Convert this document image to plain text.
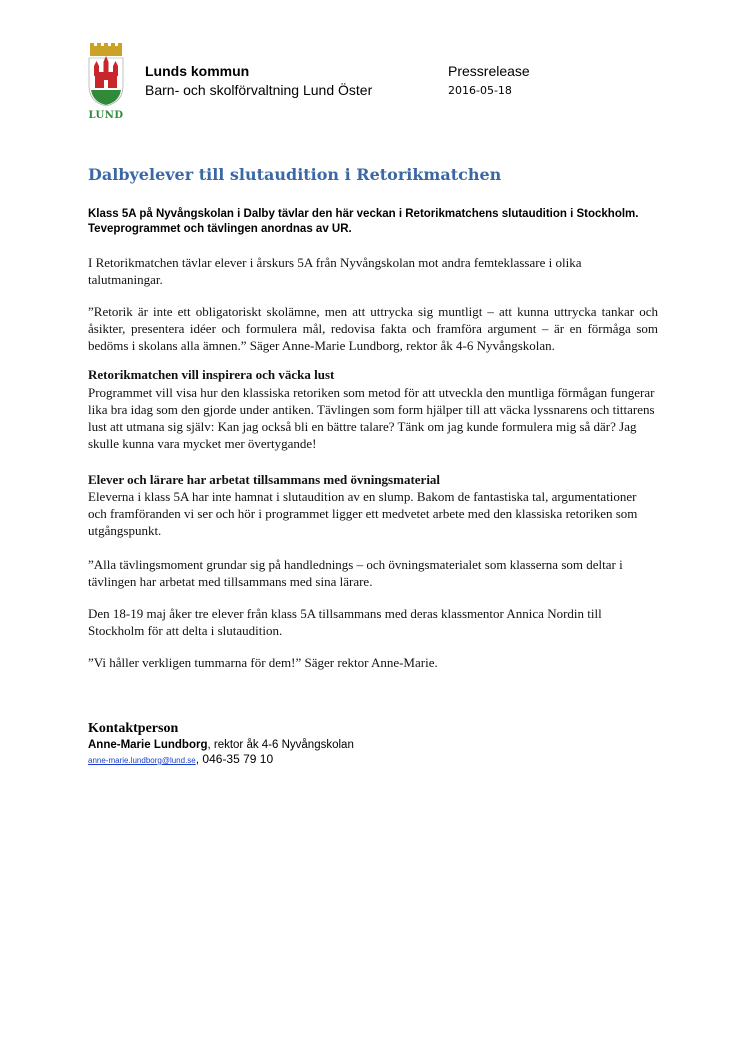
LUND
Lunds kommun
Barn- och skolförvaltning Lund Öster
Pressrelease
2016-05-18
Dalbyelever till slutaudition i Retorikmatchen

Klass 5A på Nyvångskolan i Dalby tävlar den här veckan i Retorikmatchens slutaudition i Stockholm. Teveprogrammet och tävlingen anordnas av UR.

I Retorikmatchen tävlar elever i årskurs 5A från Nyvångskolan mot andra femteklassare i olika talutmaningar.

”Retorik är inte ett obligatoriskt skolämne, men att uttrycka sig muntligt – att kunna uttrycka tankar och åsikter, presentera idéer och formulera mål, redovisa fakta och framföra argument – är en förmåga som bedöms i skolans alla ämnen.” Säger Anne-Marie Lundborg, rektor åk 4-6 Nyvångskolan.

Retorikmatchen vill inspirera och väcka lust

Programmet vill visa hur den klassiska retoriken som metod för att utveckla den muntliga förmågan fungerar lika bra idag som den gjorde under antiken. Tävlingen som form hjälper till att väcka lyssnarens och tittarens lust att utmana sig själv: Kan jag också bli en bättre talare? Tänk om jag kunde formulera mig så där? Jag skulle kunna vara mycket mer övertygande!

Elever och lärare har arbetat tillsammans med övningsmaterial

Eleverna i klass 5A har inte hamnat i slutaudition av en slump. Bakom de fantastiska tal, argumentationer och framföranden vi ser och hör i programmet ligger ett medvetet arbete med den klassiska retoriken som utgångspunkt.

”Alla tävlingsmoment grundar sig på handlednings – och övningsmaterialet som klasserna som deltar i tävlingen har arbetat med tillsammans med sina lärare.

Den 18-19 maj åker tre elever från klass 5A tillsammans med deras klassmentor Annica Nordin till Stockholm för att delta i slutaudition.

”Vi håller verkligen tummarna för dem!” Säger rektor Anne-Marie.

Kontaktperson
Anne-Marie Lundborg, rektor åk 4-6 Nyvångskolan
anne-marie.lundborg@lund.se, 046-35 79 10
